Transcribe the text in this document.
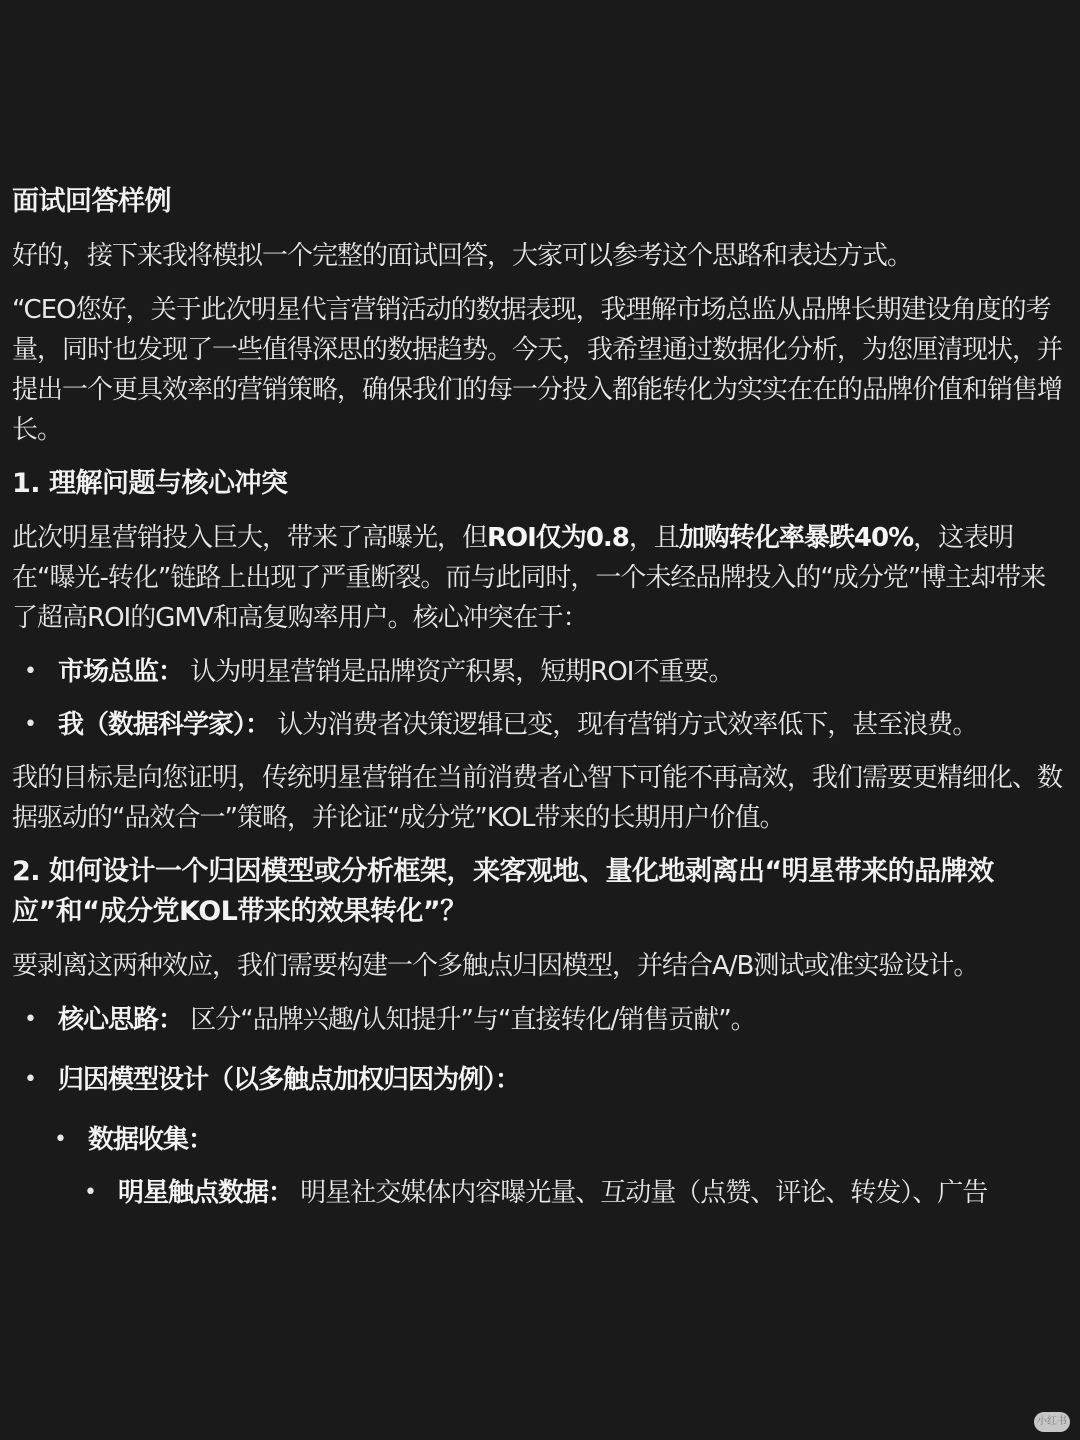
面试回答样例

好的，接下来我将模拟一个完整的面试回答，大家可以参考这个思路和表达方式。

“CEO您好，关于此次明星代言营销活动的数据表现，我理解市场总监从品牌长期建设角度的考量，同时也发现了一些值得深思的数据趋势。今天，我希望通过数据化分析，为您厘清现状，并提出一个更具效率的营销策略，确保我们的每一分投入都能转化为实实在在的品牌价值和销售增长。

1. 理解问题与核心冲突

此次明星营销投入巨大，带来了高曝光，但ROI仅为0.8，且加购转化率暴跌40%，这表明在“曝光-转化”链路上出现了严重断裂。而与此同时，一个未经品牌投入的“成分党”博主却带来了超高ROI的GMV和高复购率用户。核心冲突在于：

• 市场总监： 认为明星营销是品牌资产积累，短期ROI不重要。
• 我（数据科学家）： 认为消费者决策逻辑已变，现有营销方式效率低下，甚至浪费。

我的目标是向您证明，传统明星营销在当前消费者心智下可能不再高效，我们需要更精细化、数据驱动的“品效合一”策略，并论证“成分党”KOL带来的长期用户价值。

2. 如何设计一个归因模型或分析框架，来客观地、量化地剥离出“明星带来的品牌效应”和“成分党KOL带来的效果转化”？

要剥离这两种效应，我们需要构建一个多触点归因模型，并结合A/B测试或准实验设计。

• 核心思路： 区分“品牌兴趣/认知提升”与“直接转化/销售贡献”。
• 归因模型设计（以多触点加权归因为例）：
• 数据收集：
• 明星触点数据： 明星社交媒体内容曝光量、互动量（点赞、评论、转发）、广告
小红书
